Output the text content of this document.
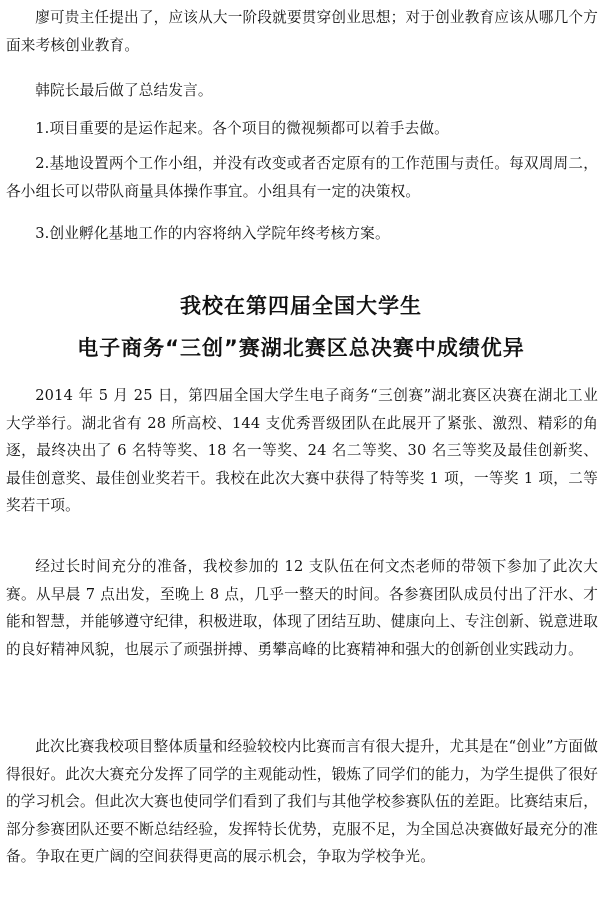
廖可贵主任提出了，应该从大一阶段就要贯穿创业思想；对于创业教育应该从哪几个方面来考核创业教育。

韩院长最后做了总结发言。

1.项目重要的是运作起来。各个项目的微视频都可以着手去做。

2.基地设置两个工作小组，并没有改变或者否定原有的工作范围与责任。每双周周二，各小组长可以带队商量具体操作事宜。小组具有一定的决策权。

3.创业孵化基地工作的内容将纳入学院年终考核方案。

我校在第四届全国大学生
电子商务“三创”赛湖北赛区总决赛中成绩优异

2014 年 5 月 25 日，第四届全国大学生电子商务“三创赛”湖北赛区决赛在湖北工业大学举行。湖北省有 28 所高校、144 支优秀晋级团队在此展开了紧张、激烈、精彩的角逐，最终决出了 6 名特等奖、18 名一等奖、24 名二等奖、30 名三等奖及最佳创新奖、最佳创意奖、最佳创业奖若干。我校在此次大赛中获得了特等奖 1 项，一等奖 1 项，二等奖若干项。

经过长时间充分的准备，我校参加的 12 支队伍在何文杰老师的带领下参加了此次大赛。从早晨 7 点出发，至晚上 8 点，几乎一整天的时间。各参赛团队成员付出了汗水、才能和智慧，并能够遵守纪律，积极进取，体现了团结互助、健康向上、专注创新、锐意进取的良好精神风貌，也展示了顽强拼搏、勇攀高峰的比赛精神和强大的创新创业实践动力。

此次比赛我校项目整体质量和经验较校内比赛而言有很大提升，尤其是在“创业”方面做得很好。此次大赛充分发挥了同学的主观能动性，锻炼了同学们的能力，为学生提供了很好的学习机会。但此次大赛也使同学们看到了我们与其他学校参赛队伍的差距。比赛结束后，部分参赛团队还要不断总结经验，发挥特长优势，克服不足，为全国总决赛做好最充分的准备。争取在更广阔的空间获得更高的展示机会，争取为学校争光。
